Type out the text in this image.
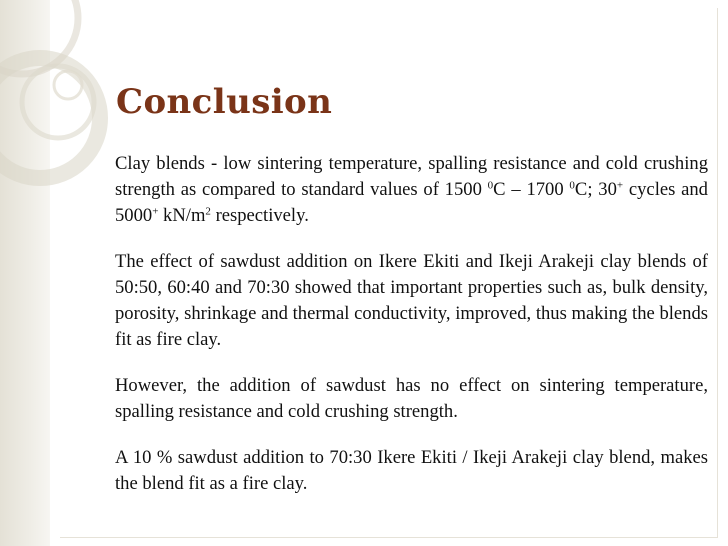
Conclusion

Clay blends - low sintering temperature, spalling resistance and cold crushing strength as compared to standard values of 1500 $^0$C – 1700 $^0$C; 30+ cycles and 5000+ $kN/m^2$ respectively.

The effect of sawdust addition on Ikere Ekiti and Ikeji Arakeji clay blends of 50:50, 60:40 and 70:30 showed that important properties such as, bulk density, porosity, shrinkage and thermal conductivity, improved, thus making the blends fit as fire clay.

However, the addition of sawdust has no effect on sintering temperature, spalling resistance and cold crushing strength.

A 10 % sawdust addition to 70:30 Ikere Ekiti / Ikeji Arakeji clay blend, makes the blend fit as a fire clay.
